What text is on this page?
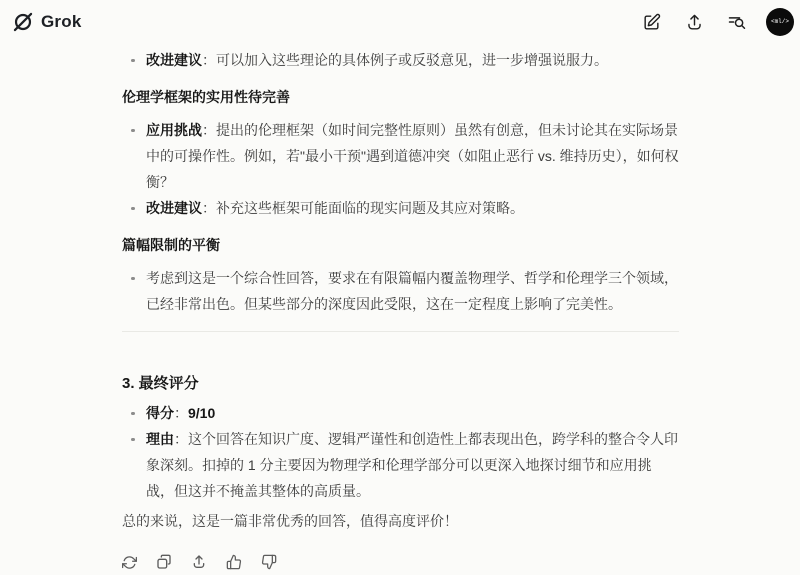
Grok	<ml/>
改进建议：可以加入这些理论的具体例子或反驳意见，进一步增强说服力。
伦理学框架的实用性待完善
应用挑战：提出的伦理框架（如时间完整性原则）虽然有创意，但未讨论其在实际场景中的可操作性。例如，若"最小干预"遇到道德冲突（如阻止恶行 vs. 维持历史），如何权衡？
改进建议：补充这些框架可能面临的现实问题及其应对策略。
篇幅限制的平衡
考虑到这是一个综合性回答，要求在有限篇幅内覆盖物理学、哲学和伦理学三个领域，已经非常出色。但某些部分的深度因此受限，这在一定程度上影响了完美性。
3. 最终评分
得分：9/10
理由：这个回答在知识广度、逻辑严谨性和创造性上都表现出色，跨学科的整合令人印象深刻。扣掉的 1 分主要因为物理学和伦理学部分可以更深入地探讨细节和应用挑战，但这并不掩盖其整体的高质量。

总的来说，这是一篇非常优秀的回答，值得高度评价！
